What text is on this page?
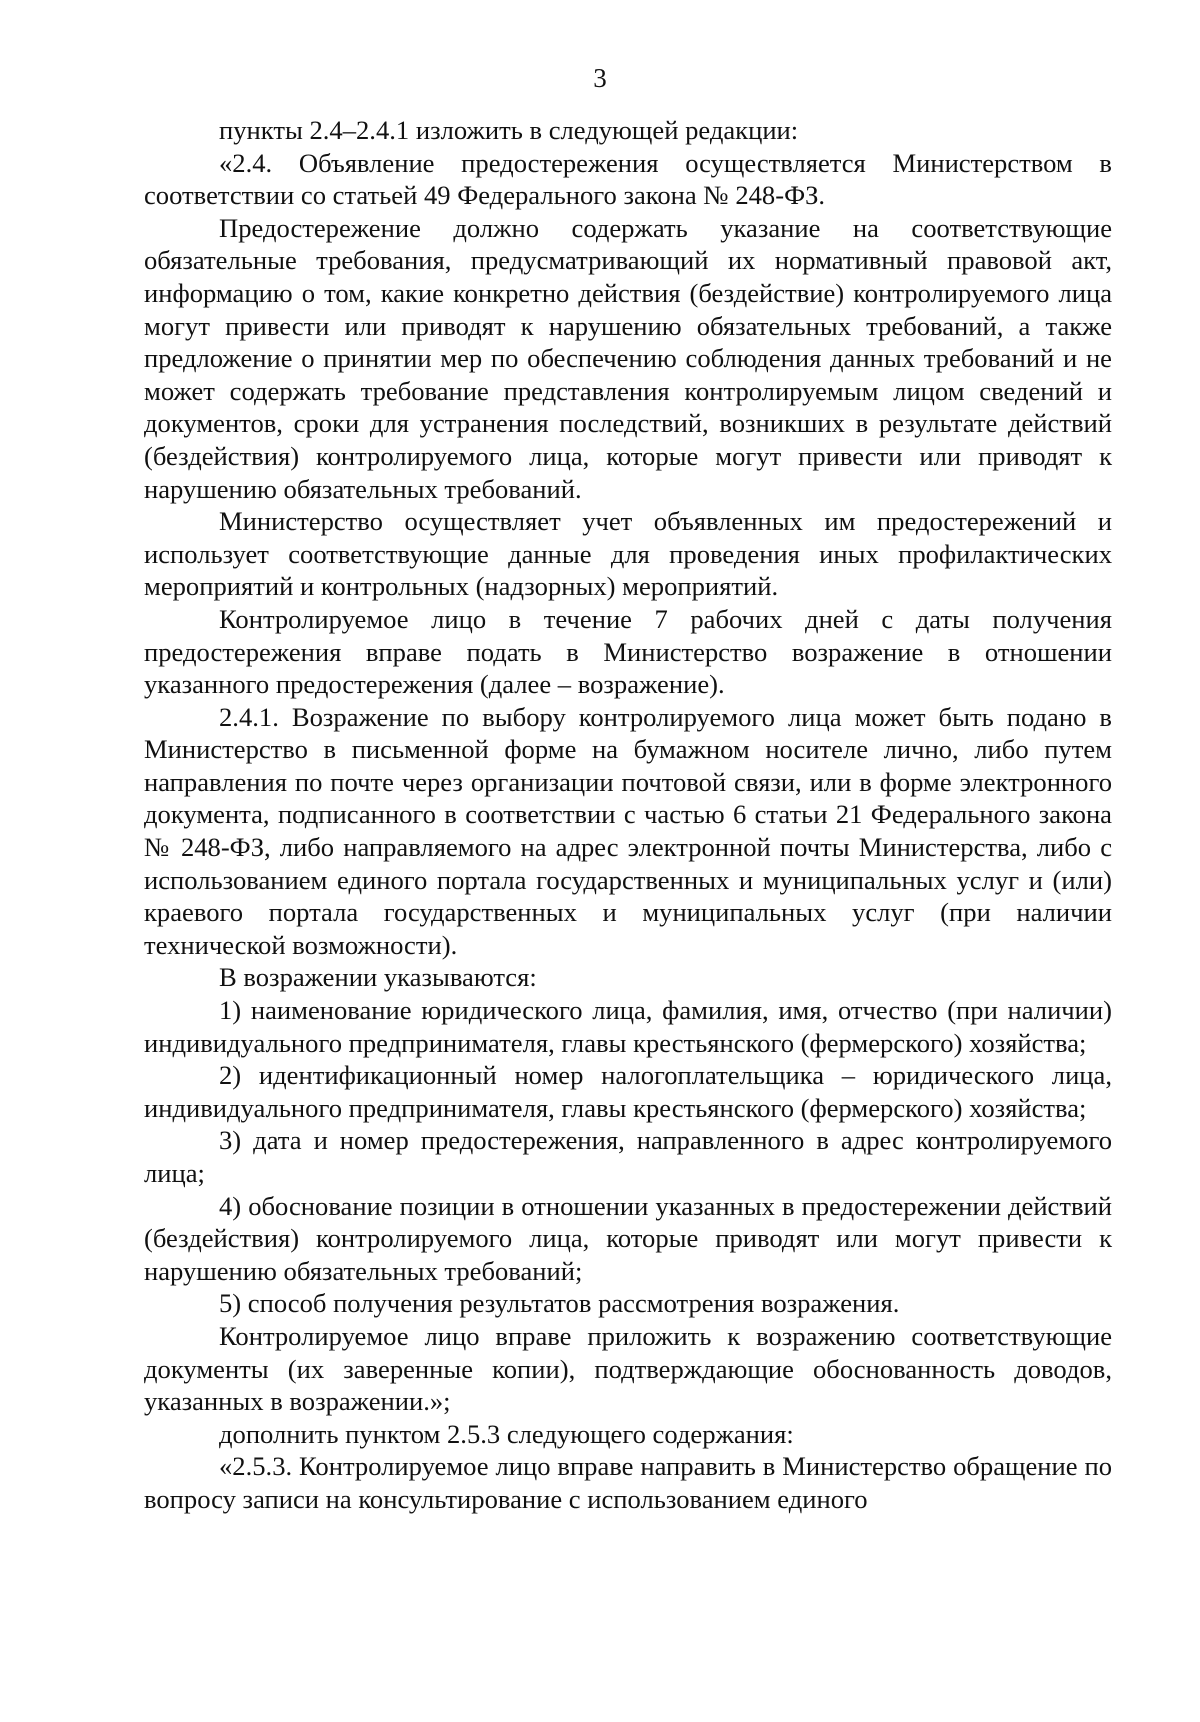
3

пункты 2.4–2.4.1 изложить в следующей редакции:

«2.4. Объявление предостережения осуществляется Министерством в соответствии со статьей 49 Федерального закона № 248-ФЗ.

Предостережение должно содержать указание на соответствующие обязательные требования, предусматривающий их нормативный правовой акт, информацию о том, какие конкретно действия (бездействие) контролируемого лица могут привести или приводят к нарушению обязательных требований, а также предложение о принятии мер по обеспечению соблюдения данных требований и не может содержать требование представления контролируемым лицом сведений и документов, сроки для устранения последствий, возникших в результате действий (бездействия) контролируемого лица, которые могут привести или приводят к нарушению обязательных требований.

Министерство осуществляет учет объявленных им предостережений и использует соответствующие данные для проведения иных профилактических мероприятий и контрольных (надзорных) мероприятий.

Контролируемое лицо в течение 7 рабочих дней с даты получения предостережения вправе подать в Министерство возражение в отношении указанного предостережения (далее – возражение).

2.4.1. Возражение по выбору контролируемого лица может быть подано в Министерство в письменной форме на бумажном носителе лично, либо путем направления по почте через организации почтовой связи, или в форме электронного документа, подписанного в соответствии с частью 6 статьи 21 Федерального закона № 248-ФЗ, либо направляемого на адрес электронной почты Министерства, либо с использованием единого портала государственных и муниципальных услуг и (или) краевого портала государственных и муниципальных услуг (при наличии технической возможности).

В возражении указываются:

1) наименование юридического лица, фамилия, имя, отчество (при наличии) индивидуального предпринимателя, главы крестьянского (фермерского) хозяйства;

2) идентификационный номер налогоплательщика – юридического лица, индивидуального предпринимателя, главы крестьянского (фермерского) хозяйства;

3) дата и номер предостережения, направленного в адрес контролируемого лица;

4) обоснование позиции в отношении указанных в предостережении действий (бездействия) контролируемого лица, которые приводят или могут привести к нарушению обязательных требований;

5) способ получения результатов рассмотрения возражения.

Контролируемое лицо вправе приложить к возражению соответствующие документы (их заверенные копии), подтверждающие обоснованность доводов, указанных в возражении.»;

дополнить пунктом 2.5.3 следующего содержания:

«2.5.3. Контролируемое лицо вправе направить в Министерство обращение по вопросу записи на консультирование с использованием единого
